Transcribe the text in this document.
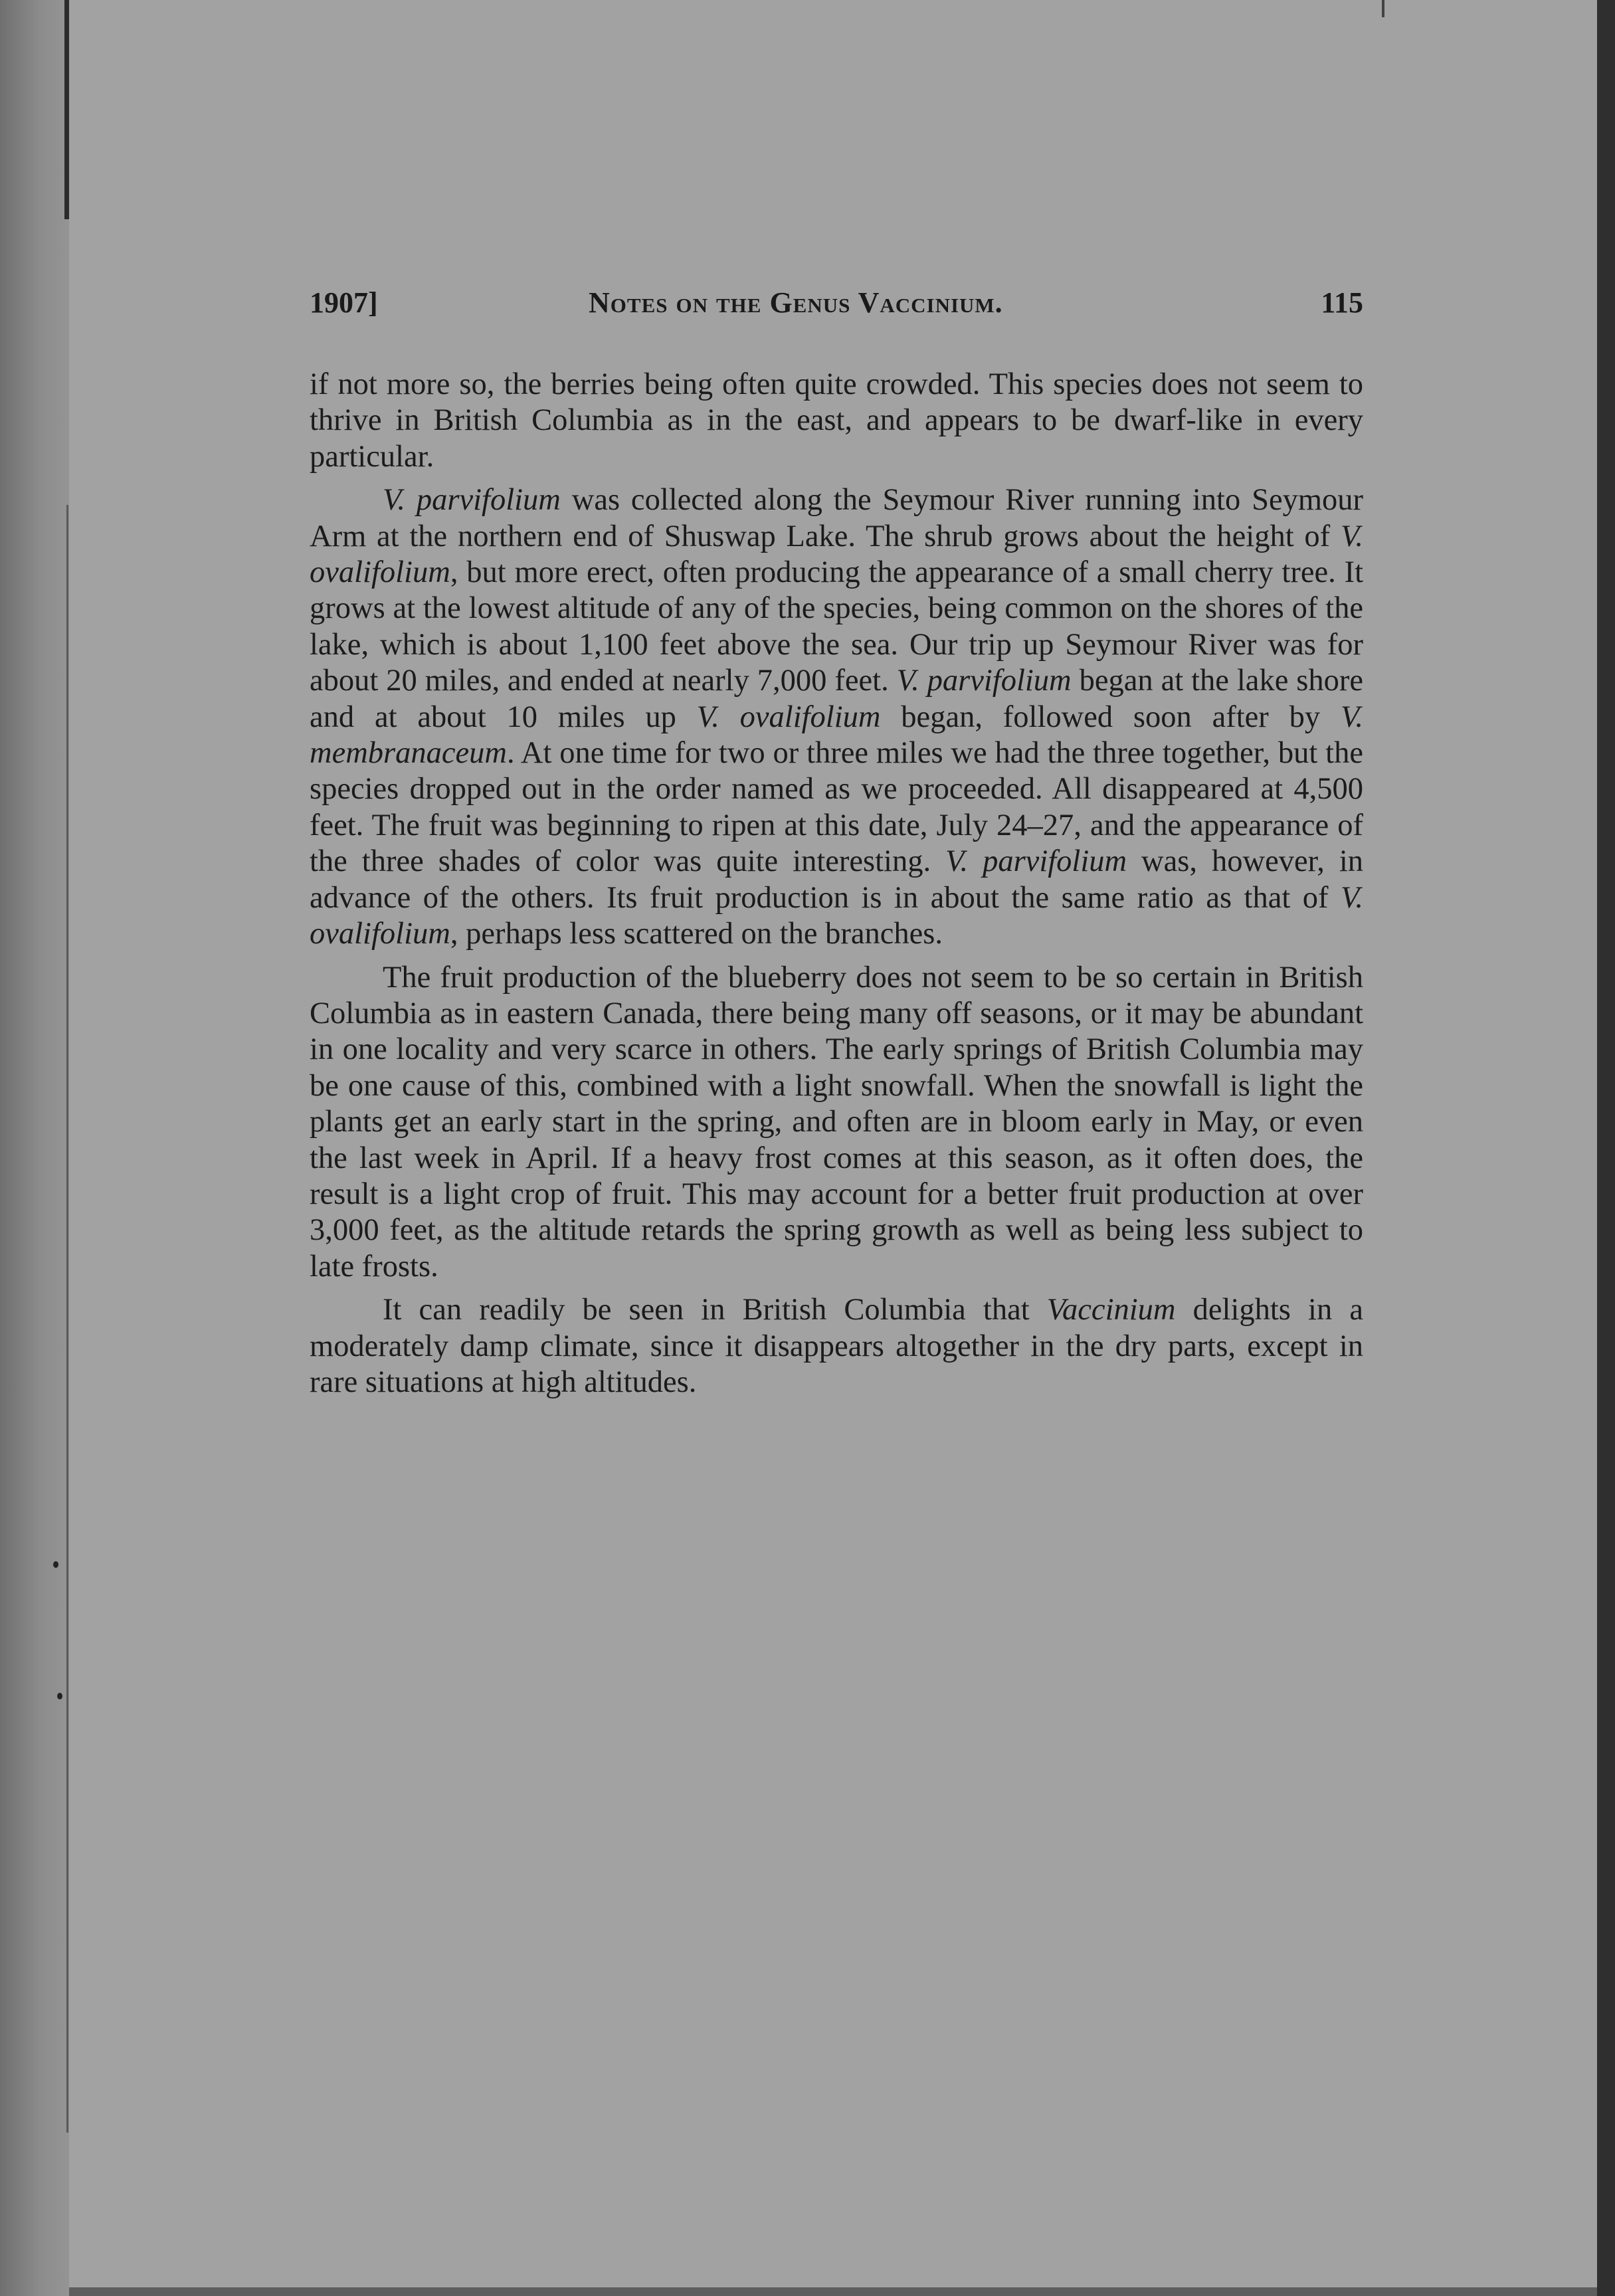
1907]	Notes on the Genus Vaccinium.	115

if not more so, the berries being often quite crowded. This species does not seem to thrive in British Columbia as in the east, and appears to be dwarf-like in every particular.

V. parvifolium was collected along the Seymour River running into Seymour Arm at the northern end of Shuswap Lake. The shrub grows about the height of V. ovalifolium, but more erect, often producing the appearance of a small cherry tree. It grows at the lowest altitude of any of the species, being common on the shores of the lake, which is about 1,100 feet above the sea. Our trip up Seymour River was for about 20 miles, and ended at nearly 7,000 feet. V. parvifolium began at the lake shore and at about 10 miles up V. ovalifolium began, followed soon after by V. membranaceum. At one time for two or three miles we had the three together, but the species dropped out in the order named as we proceeded. All disappeared at 4,500 feet. The fruit was beginning to ripen at this date, July 24–27, and the appearance of the three shades of color was quite interesting. V. parvifolium was, however, in advance of the others. Its fruit production is in about the same ratio as that of V. ovalifolium, perhaps less scattered on the branches.

The fruit production of the blueberry does not seem to be so certain in British Columbia as in eastern Canada, there being many off seasons, or it may be abundant in one locality and very scarce in others. The early springs of British Columbia may be one cause of this, combined with a light snowfall. When the snowfall is light the plants get an early start in the spring, and often are in bloom early in May, or even the last week in April. If a heavy frost comes at this season, as it often does, the result is a light crop of fruit. This may account for a better fruit production at over 3,000 feet, as the altitude retards the spring growth as well as being less subject to late frosts.

It can readily be seen in British Columbia that Vaccinium delights in a moderately damp climate, since it disappears altogether in the dry parts, except in rare situations at high altitudes.
